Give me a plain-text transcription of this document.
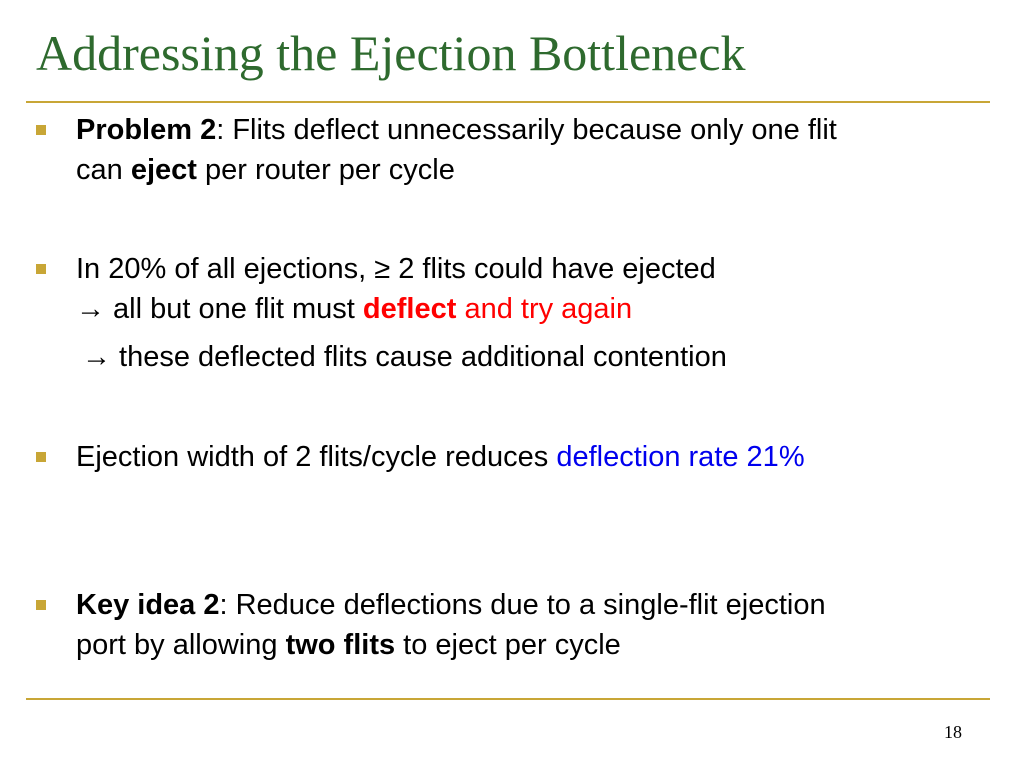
Addressing the Ejection Bottleneck
Problem 2: Flits deflect unnecessarily because only one flit
can eject per router per cycle
In 20% of all ejections, ≥ 2 flits could have ejected
→ all but one flit must deflect and try again
→ these deflected flits cause additional contention
Ejection width of 2 flits/cycle reduces deflection rate 21%
Key idea 2: Reduce deflections due to a single-flit ejection
port by allowing two flits to eject per cycle
18
